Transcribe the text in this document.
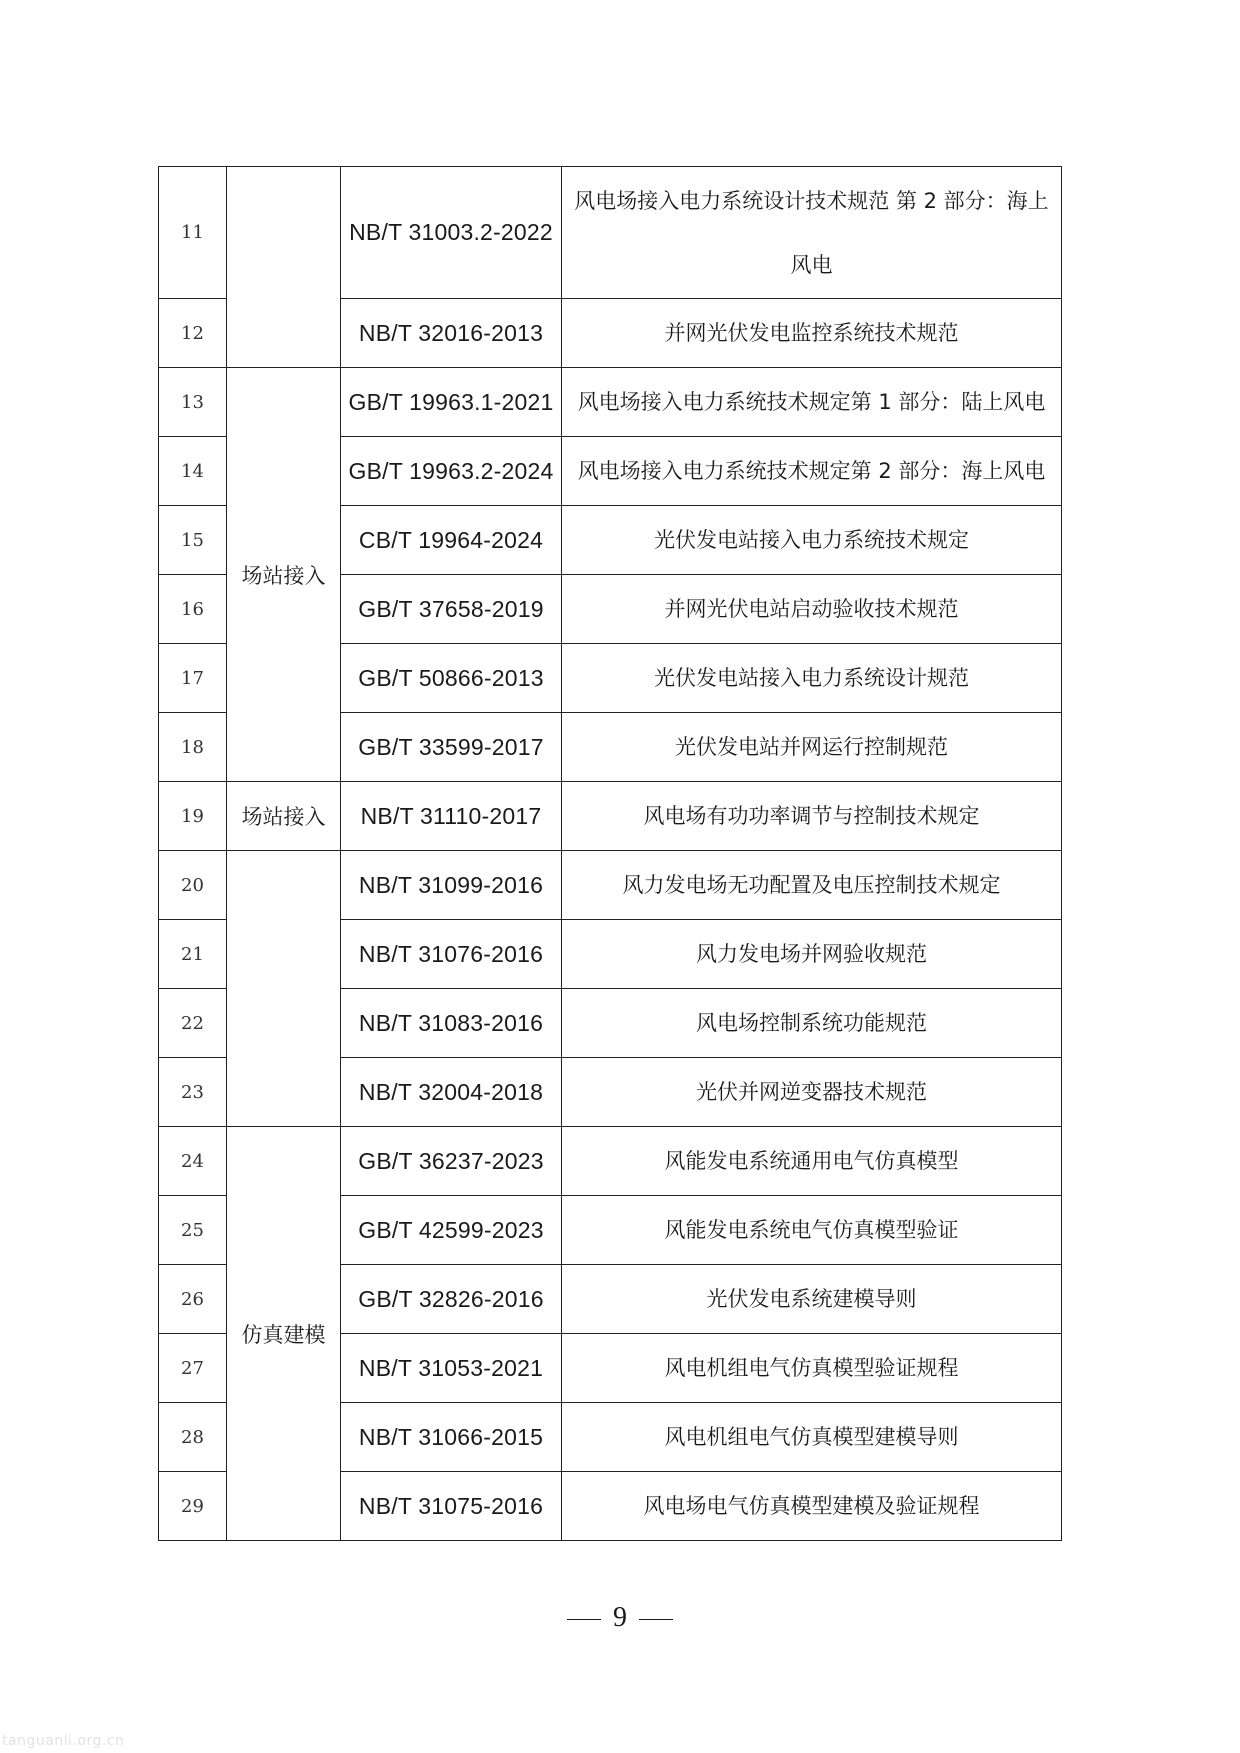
11		NB/T 31003.2-2022	风电场接入电力系统设计技术规范 第 2 部分：海上风电
12		NB/T 32016-2013	并网光伏发电监控系统技术规范
13	场站接入	GB/T 19963.1-2021	风电场接入电力系统技术规定第 1 部分：陆上风电
14		GB/T 19963.2-2024	风电场接入电力系统技术规定第 2 部分：海上风电
15		CB/T 19964-2024	光伏发电站接入电力系统技术规定
16		GB/T 37658-2019	并网光伏电站启动验收技术规范
17		GB/T 50866-2013	光伏发电站接入电力系统设计规范
18		GB/T 33599-2017	光伏发电站并网运行控制规范
19	场站接入	NB/T 31110-2017	风电场有功功率调节与控制技术规定
20		NB/T 31099-2016	风力发电场无功配置及电压控制技术规定
21		NB/T 31076-2016	风力发电场并网验收规范
22		NB/T 31083-2016	风电场控制系统功能规范
23		NB/T 32004-2018	光伏并网逆变器技术规范
24	仿真建模	GB/T 36237-2023	风能发电系统通用电气仿真模型
25		GB/T 42599-2023	风能发电系统电气仿真模型验证
26		GB/T 32826-2016	光伏发电系统建模导则
27		NB/T 31053-2021	风电机组电气仿真模型验证规程
28		NB/T 31066-2015	风电机组电气仿真模型建模导则
29		NB/T 31075-2016	风电场电气仿真模型建模及验证规程
9
tanguanli.org.cn
